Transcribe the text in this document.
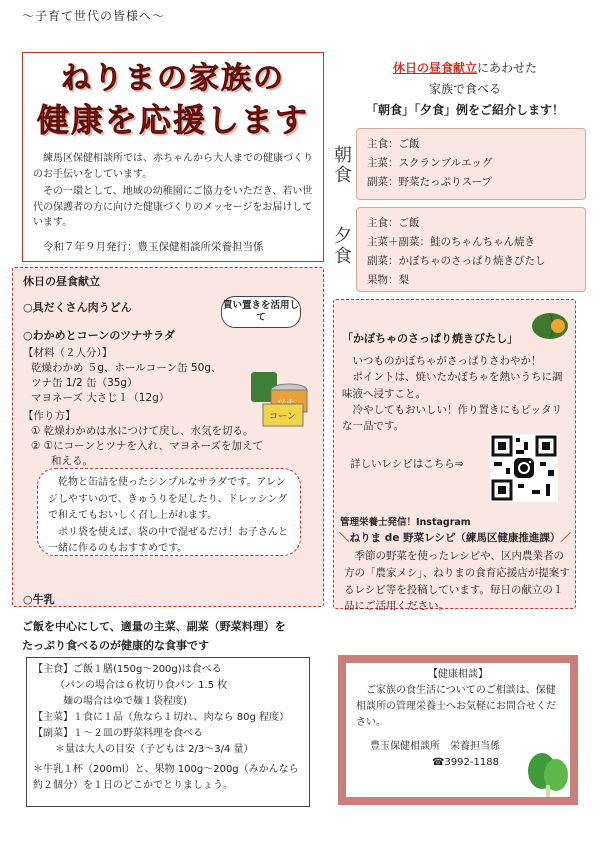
～子育て世代の皆様へ～
ねりまの家族の
健康を応援します

練馬区保健相談所では、赤ちゃんから大人までの健康づくりのお手伝いをしています。

その一環として、地域の幼稚園にご協力をいただき、若い世代の保護者の方に向けた健康づくりのメッセージをお届けしています。

令和７年９月発行：豊玉保健相談所栄養担当係
休日の昼食献立にあわせた
家族で食べる
「朝食」「夕食」例をご紹介します！
朝食
主食：ご飯
主菜：スクランブルエッグ
副菜：野菜たっぷりスープ
夕食
主食：ご飯
主菜＋副菜：鮭のちゃんちゃん焼き
副菜：かぼちゃのさっぱり焼きびたし
果物：梨
休日の昼食献立
○具だくさん肉うどん
○わかめとコーンのツナサラダ
【材料（２人分）】
乾燥わかめ ５g、ホールコーン缶 50g、
ツナ缶 1/2 缶（35g）
マヨネーズ 大さじ１（12g）
【作り方】
① 乾燥わかめは水につけて戻し、水気を切る。
② ①にコーンとツナを入れ、マヨネーズを加えて
和える。
買い置きを活用して
コーン

乾物と缶詰を使ったシンプルなサラダです。アレンジしやすいので、きゅうりを足したり、ドレッシングで和えてもおいしく召し上がれます。

ポリ袋を使えば、袋の中で混ぜるだけ！お子さんと一緒に作るのもおすすめです。

○牛乳
「かぼちゃのさっぱり焼きびたし」

いつものかぼちゃがさっぱりさわやか！

ポイントは、焼いたかぼちゃを熱いうちに調味液へ浸すこと。

冷やしてもおいしい！作り置きにもピッタリな一品です。

詳しいレシピはこちら⇒
管理栄養士発信！Instagram
＼ねりま de 野菜レシピ（練馬区健康推進課）／
季節の野菜を使ったレシピや、区内農業者の方の「農家メシ」、ねりまの食育応援店が提案するレシピ等を投稿しています。毎日の献立の１品にご活用ください。
ご飯を中心にして、適量の主菜、副菜（野菜料理）を
たっぷり食べるのが健康的な食事です
【主食】ご飯１膳(150g～200g)は食べる
（パンの場合は６枚切り食パン 1.5 枚
麺の場合はゆで麺１袋程度)
【主菜】１食に１品（魚なら１切れ、肉なら 80g 程度）
【副菜】１～２皿の野菜料理を食べる
＊量は大人の目安（子どもは 2/3～3/4 量）
＊牛乳１杯（200ml）と、果物 100g～200g（みかんなら約２個分）を１日のどこかでとりましょう。
【健康相談】
ご家族の食生活についてのご相談は、保健相談所の管理栄養士へお気軽にお問合せください。
豊玉保健相談所　栄養担当係
☎3992-1188
